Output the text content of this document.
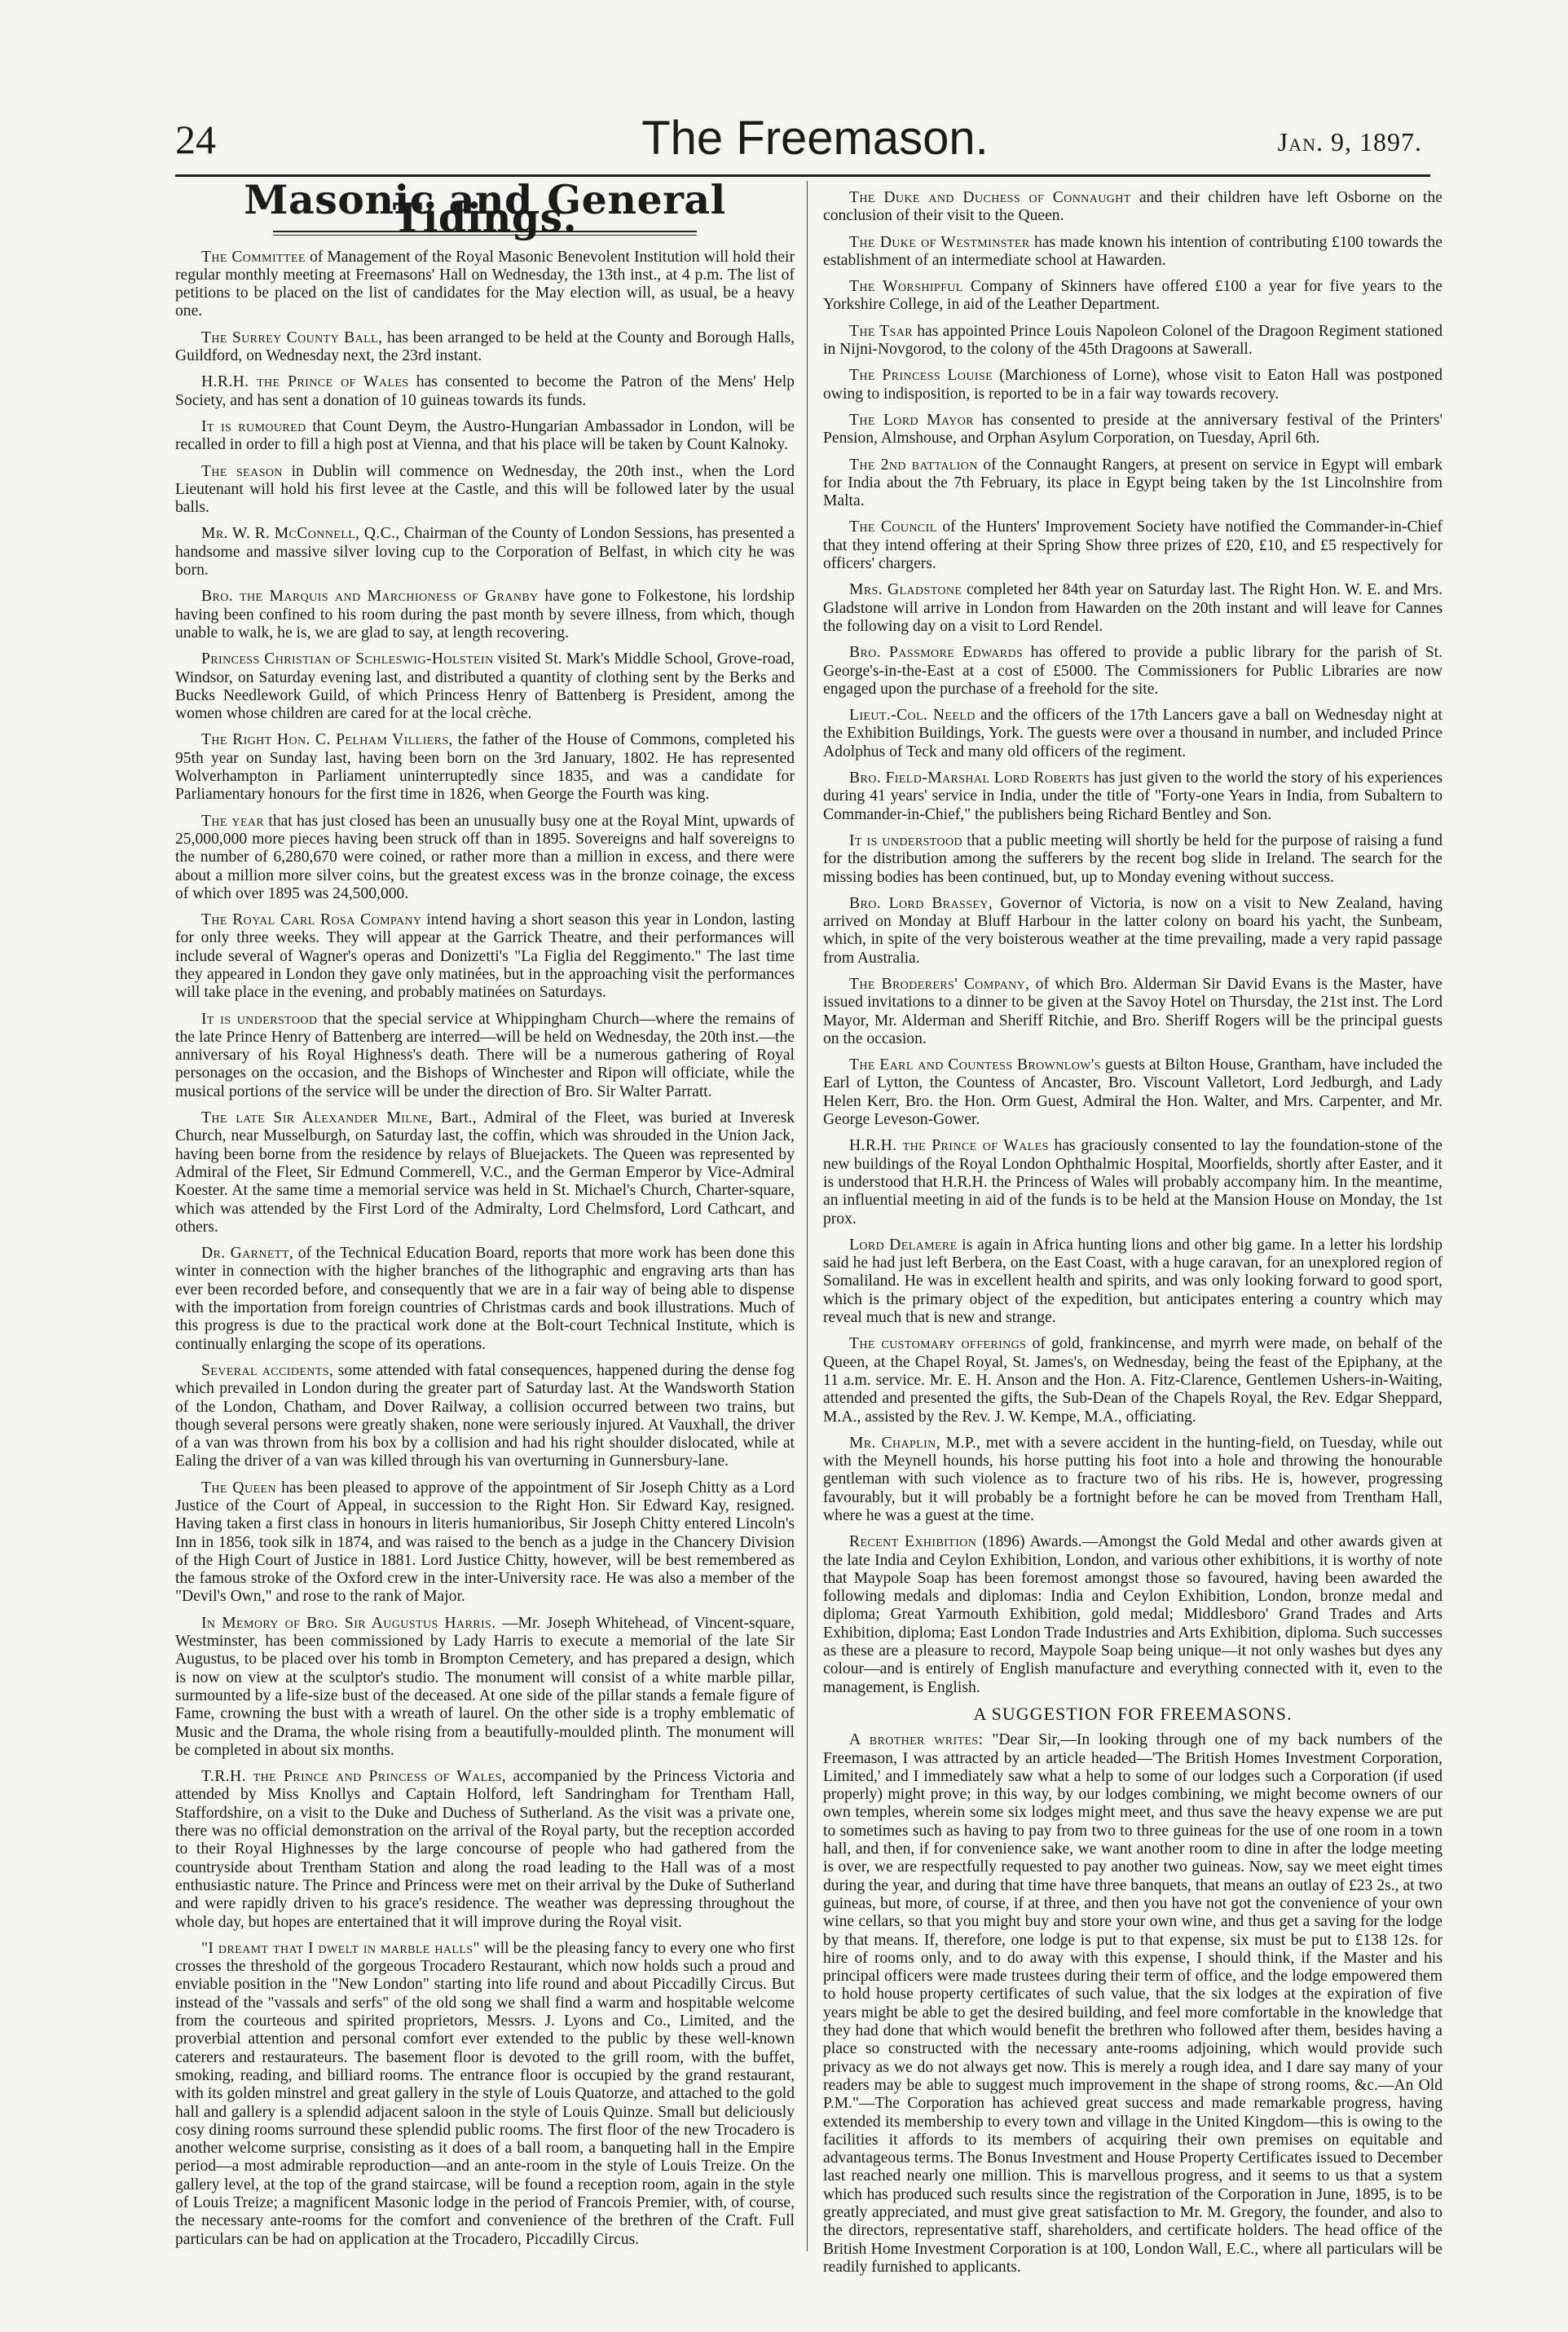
24	The Freemason.	Jan. 9, 1897.
Masonic and General Tidings.

The Committee of Management of the Royal Masonic Benevolent Institution will hold their regular monthly meeting at Freemasons' Hall on Wednesday, the 13th inst., at 4 p.m. The list of petitions to be placed on the list of candidates for the May election will, as usual, be a heavy one.

The Surrey County Ball, has been arranged to be held at the County and Borough Halls, Guildford, on Wednesday next, the 23rd instant.

H.R.H. the Prince of Wales has consented to become the Patron of the Mens' Help Society, and has sent a donation of 10 guineas towards its funds.

It is rumoured that Count Deym, the Austro-Hungarian Ambassador in London, will be recalled in order to fill a high post at Vienna, and that his place will be taken by Count Kalnoky.

The season in Dublin will commence on Wednesday, the 20th inst., when the Lord Lieutenant will hold his first levee at the Castle, and this will be followed later by the usual balls.

Mr. W. R. McConnell, Q.C., Chairman of the County of London Sessions, has presented a handsome and massive silver loving cup to the Corporation of Belfast, in which city he was born.

Bro. the Marquis and Marchioness of Granby have gone to Folkestone, his lordship having been confined to his room during the past month by severe illness, from which, though unable to walk, he is, we are glad to say, at length recovering.

Princess Christian of Schleswig-Holstein visited St. Mark's Middle School, Grove-road, Windsor, on Saturday evening last, and distributed a quantity of clothing sent by the Berks and Bucks Needlework Guild, of which Princess Henry of Battenberg is President, among the women whose children are cared for at the local crèche.

The Right Hon. C. Pelham Villiers, the father of the House of Commons, completed his 95th year on Sunday last, having been born on the 3rd January, 1802. He has represented Wolverhampton in Parliament uninterruptedly since 1835, and was a candidate for Parliamentary honours for the first time in 1826, when George the Fourth was king.

The year that has just closed has been an unusually busy one at the Royal Mint, upwards of 25,000,000 more pieces having been struck off than in 1895. Sovereigns and half sovereigns to the number of 6,280,670 were coined, or rather more than a million in excess, and there were about a million more silver coins, but the greatest excess was in the bronze coinage, the excess of which over 1895 was 24,500,000.

The Royal Carl Rosa Company intend having a short season this year in London, lasting for only three weeks. They will appear at the Garrick Theatre, and their performances will include several of Wagner's operas and Donizetti's "La Figlia del Reggimento." The last time they appeared in London they gave only matinées, but in the approaching visit the performances will take place in the evening, and probably matinées on Saturdays.

It is understood that the special service at Whippingham Church—where the remains of the late Prince Henry of Battenberg are interred—will be held on Wednesday, the 20th inst.—the anniversary of his Royal Highness's death. There will be a numerous gathering of Royal personages on the occasion, and the Bishops of Winchester and Ripon will officiate, while the musical portions of the service will be under the direction of Bro. Sir Walter Parratt.

The late Sir Alexander Milne, Bart., Admiral of the Fleet, was buried at Inveresk Church, near Musselburgh, on Saturday last, the coffin, which was shrouded in the Union Jack, having been borne from the residence by relays of Bluejackets. The Queen was represented by Admiral of the Fleet, Sir Edmund Commerell, V.C., and the German Emperor by Vice-Admiral Koester. At the same time a memorial service was held in St. Michael's Church, Charter-square, which was attended by the First Lord of the Admiralty, Lord Chelmsford, Lord Cathcart, and others.

Dr. Garnett, of the Technical Education Board, reports that more work has been done this winter in connection with the higher branches of the lithographic and engraving arts than has ever been recorded before, and consequently that we are in a fair way of being able to dispense with the importation from foreign countries of Christmas cards and book illustrations. Much of this progress is due to the practical work done at the Bolt-court Technical Institute, which is continually enlarging the scope of its operations.

Several accidents, some attended with fatal consequences, happened during the dense fog which prevailed in London during the greater part of Saturday last. At the Wandsworth Station of the London, Chatham, and Dover Railway, a collision occurred between two trains, but though several persons were greatly shaken, none were seriously injured. At Vauxhall, the driver of a van was thrown from his box by a collision and had his right shoulder dislocated, while at Ealing the driver of a van was killed through his van overturning in Gunnersbury-lane.

The Queen has been pleased to approve of the appointment of Sir Joseph Chitty as a Lord Justice of the Court of Appeal, in succession to the Right Hon. Sir Edward Kay, resigned. Having taken a first class in honours in literis humanioribus, Sir Joseph Chitty entered Lincoln's Inn in 1856, took silk in 1874, and was raised to the bench as a judge in the Chancery Division of the High Court of Justice in 1881. Lord Justice Chitty, however, will be best remembered as the famous stroke of the Oxford crew in the inter-University race. He was also a member of the "Devil's Own," and rose to the rank of Major.

In Memory of Bro. Sir Augustus Harris. —Mr. Joseph Whitehead, of Vincent-square, Westminster, has been commissioned by Lady Harris to execute a memorial of the late Sir Augustus, to be placed over his tomb in Brompton Cemetery, and has prepared a design, which is now on view at the sculptor's studio. The monument will consist of a white marble pillar, surmounted by a life-size bust of the deceased. At one side of the pillar stands a female figure of Fame, crowning the bust with a wreath of laurel. On the other side is a trophy emblematic of Music and the Drama, the whole rising from a beautifully-moulded plinth. The monument will be completed in about six months.

T.R.H. the Prince and Princess of Wales, accompanied by the Princess Victoria and attended by Miss Knollys and Captain Holford, left Sandringham for Trentham Hall, Staffordshire, on a visit to the Duke and Duchess of Sutherland. As the visit was a private one, there was no official demonstration on the arrival of the Royal party, but the reception accorded to their Royal Highnesses by the large concourse of people who had gathered from the countryside about Trentham Station and along the road leading to the Hall was of a most enthusiastic nature. The Prince and Princess were met on their arrival by the Duke of Sutherland and were rapidly driven to his grace's residence. The weather was depressing throughout the whole day, but hopes are entertained that it will improve during the Royal visit.

"I dreamt that I dwelt in marble halls" will be the pleasing fancy to every one who first crosses the threshold of the gorgeous Trocadero Restaurant, which now holds such a proud and enviable position in the "New London" starting into life round and about Piccadilly Circus. But instead of the "vassals and serfs" of the old song we shall find a warm and hospitable welcome from the courteous and spirited proprietors, Messrs. J. Lyons and Co., Limited, and the proverbial attention and personal comfort ever extended to the public by these well-known caterers and restaurateurs. The basement floor is devoted to the grill room, with the buffet, smoking, reading, and billiard rooms. The entrance floor is occupied by the grand restaurant, with its golden minstrel and great gallery in the style of Louis Quatorze, and attached to the gold hall and gallery is a splendid adjacent saloon in the style of Louis Quinze. Small but deliciously cosy dining rooms surround these splendid public rooms. The first floor of the new Trocadero is another welcome surprise, consisting as it does of a ball room, a banqueting hall in the Empire period—a most admirable reproduction—and an ante-room in the style of Louis Treize. On the gallery level, at the top of the grand staircase, will be found a reception room, again in the style of Louis Treize; a magnificent Masonic lodge in the period of Francois Premier, with, of course, the necessary ante-rooms for the comfort and convenience of the brethren of the Craft. Full particulars can be had on application at the Trocadero, Piccadilly Circus.

The Duke and Duchess of Connaught and their children have left Osborne on the conclusion of their visit to the Queen.

The Duke of Westminster has made known his intention of contributing £100 towards the establishment of an intermediate school at Hawarden.

The Worshipful Company of Skinners have offered £100 a year for five years to the Yorkshire College, in aid of the Leather Department.

The Tsar has appointed Prince Louis Napoleon Colonel of the Dragoon Regiment stationed in Nijni-Novgorod, to the colony of the 45th Dragoons at Sawerall.

The Princess Louise (Marchioness of Lorne), whose visit to Eaton Hall was postponed owing to indisposition, is reported to be in a fair way towards recovery.

The Lord Mayor has consented to preside at the anniversary festival of the Printers' Pension, Almshouse, and Orphan Asylum Corporation, on Tuesday, April 6th.

The 2nd battalion of the Connaught Rangers, at present on service in Egypt will embark for India about the 7th February, its place in Egypt being taken by the 1st Lincolnshire from Malta.

The Council of the Hunters' Improvement Society have notified the Commander-in-Chief that they intend offering at their Spring Show three prizes of £20, £10, and £5 respectively for officers' chargers.

Mrs. Gladstone completed her 84th year on Saturday last. The Right Hon. W. E. and Mrs. Gladstone will arrive in London from Hawarden on the 20th instant and will leave for Cannes the following day on a visit to Lord Rendel.

Bro. Passmore Edwards has offered to provide a public library for the parish of St. George's-in-the-East at a cost of £5000. The Commissioners for Public Libraries are now engaged upon the purchase of a freehold for the site.

Lieut.-Col. Neeld and the officers of the 17th Lancers gave a ball on Wednesday night at the Exhibition Buildings, York. The guests were over a thousand in number, and included Prince Adolphus of Teck and many old officers of the regiment.

Bro. Field-Marshal Lord Roberts has just given to the world the story of his experiences during 41 years' service in India, under the title of "Forty-one Years in India, from Subaltern to Commander-in-Chief," the publishers being Richard Bentley and Son.

It is understood that a public meeting will shortly be held for the purpose of raising a fund for the distribution among the sufferers by the recent bog slide in Ireland. The search for the missing bodies has been continued, but, up to Monday evening without success.

Bro. Lord Brassey, Governor of Victoria, is now on a visit to New Zealand, having arrived on Monday at Bluff Harbour in the latter colony on board his yacht, the Sunbeam, which, in spite of the very boisterous weather at the time prevailing, made a very rapid passage from Australia.

The Broderers' Company, of which Bro. Alderman Sir David Evans is the Master, have issued invitations to a dinner to be given at the Savoy Hotel on Thursday, the 21st inst. The Lord Mayor, Mr. Alderman and Sheriff Ritchie, and Bro. Sheriff Rogers will be the principal guests on the occasion.

The Earl and Countess Brownlow's guests at Bilton House, Grantham, have included the Earl of Lytton, the Countess of Ancaster, Bro. Viscount Valletort, Lord Jedburgh, and Lady Helen Kerr, Bro. the Hon. Orm Guest, Admiral the Hon. Walter, and Mrs. Carpenter, and Mr. George Leveson-Gower.

H.R.H. the Prince of Wales has graciously consented to lay the foundation-stone of the new buildings of the Royal London Ophthalmic Hospital, Moorfields, shortly after Easter, and it is understood that H.R.H. the Princess of Wales will probably accompany him. In the meantime, an influential meeting in aid of the funds is to be held at the Mansion House on Monday, the 1st prox.

Lord Delamere is again in Africa hunting lions and other big game. In a letter his lordship said he had just left Berbera, on the East Coast, with a huge caravan, for an unexplored region of Somaliland. He was in excellent health and spirits, and was only looking forward to good sport, which is the primary object of the expedition, but anticipates entering a country which may reveal much that is new and strange.

The customary offerings of gold, frankincense, and myrrh were made, on behalf of the Queen, at the Chapel Royal, St. James's, on Wednesday, being the feast of the Epiphany, at the 11 a.m. service. Mr. E. H. Anson and the Hon. A. Fitz-Clarence, Gentlemen Ushers-in-Waiting, attended and presented the gifts, the Sub-Dean of the Chapels Royal, the Rev. Edgar Sheppard, M.A., assisted by the Rev. J. W. Kempe, M.A., officiating.

Mr. Chaplin, M.P., met with a severe accident in the hunting-field, on Tuesday, while out with the Meynell hounds, his horse putting his foot into a hole and throwing the honourable gentleman with such violence as to fracture two of his ribs. He is, however, progressing favourably, but it will probably be a fortnight before he can be moved from Trentham Hall, where he was a guest at the time.

Recent Exhibition (1896) Awards.—Amongst the Gold Medal and other awards given at the late India and Ceylon Exhibition, London, and various other exhibitions, it is worthy of note that Maypole Soap has been foremost amongst those so favoured, having been awarded the following medals and diplomas: India and Ceylon Exhibition, London, bronze medal and diploma; Great Yarmouth Exhibition, gold medal; Middlesboro' Grand Trades and Arts Exhibition, diploma; East London Trade Industries and Arts Exhibition, diploma. Such successes as these are a pleasure to record, Maypole Soap being unique—it not only washes but dyes any colour—and is entirely of English manufacture and everything connected with it, even to the management, is English.

A SUGGESTION FOR FREEMASONS.

A brother writes: "Dear Sir,—In looking through one of my back numbers of the Freemason, I was attracted by an article headed—'The British Homes Investment Corporation, Limited,' and I immediately saw what a help to some of our lodges such a Corporation (if used properly) might prove; in this way, by our lodges combining, we might become owners of our own temples, wherein some six lodges might meet, and thus save the heavy expense we are put to sometimes such as having to pay from two to three guineas for the use of one room in a town hall, and then, if for convenience sake, we want another room to dine in after the lodge meeting is over, we are respectfully requested to pay another two guineas. Now, say we meet eight times during the year, and during that time have three banquets, that means an outlay of £23 2s., at two guineas, but more, of course, if at three, and then you have not got the convenience of your own wine cellars, so that you might buy and store your own wine, and thus get a saving for the lodge by that means. If, therefore, one lodge is put to that expense, six must be put to £138 12s. for hire of rooms only, and to do away with this expense, I should think, if the Master and his principal officers were made trustees during their term of office, and the lodge empowered them to hold house property certificates of such value, that the six lodges at the expiration of five years might be able to get the desired building, and feel more comfortable in the knowledge that they had done that which would benefit the brethren who followed after them, besides having a place so constructed with the necessary ante-rooms adjoining, which would provide such privacy as we do not always get now. This is merely a rough idea, and I dare say many of your readers may be able to suggest much improvement in the shape of strong rooms, &c.—An Old P.M."—The Corporation has achieved great success and made remarkable progress, having extended its membership to every town and village in the United Kingdom—this is owing to the facilities it affords to its members of acquiring their own premises on equitable and advantageous terms. The Bonus Investment and House Property Certificates issued to December last reached nearly one million. This is marvellous progress, and it seems to us that a system which has produced such results since the registration of the Corporation in June, 1895, is to be greatly appreciated, and must give great satisfaction to Mr. M. Gregory, the founder, and also to the directors, representative staff, shareholders, and certificate holders. The head office of the British Home Investment Corporation is at 100, London Wall, E.C., where all particulars will be readily furnished to applicants.
